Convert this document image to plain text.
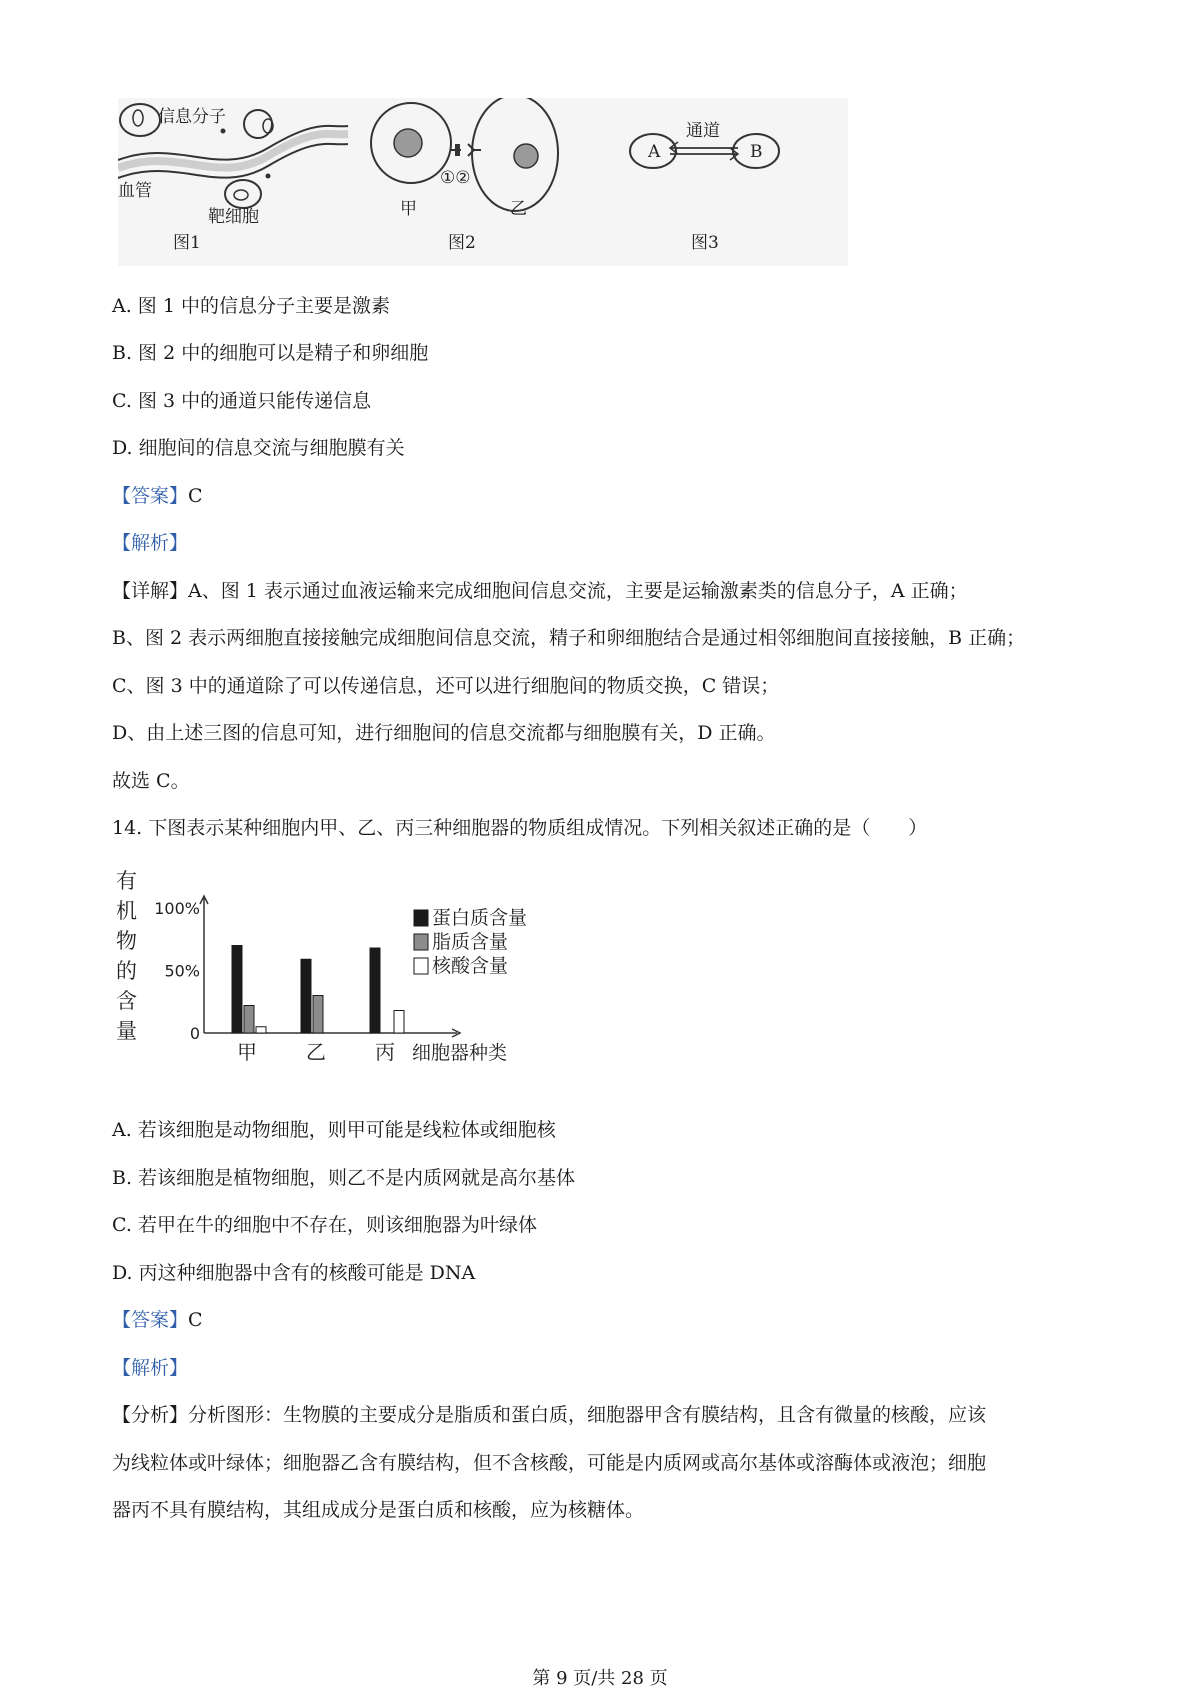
信息分子
血管
靶细胞
图1
①②
甲	乙
图2
A	B
通道
图3
A. 图 1 中的信息分子主要是激素
B. 图 2 中的细胞可以是精子和卵细胞
C. 图 3 中的通道只能传递信息
D. 细胞间的信息交流与细胞膜有关
【答案】C
【解析】
【详解】A、图 1 表示通过血液运输来完成细胞间信息交流，主要是运输激素类的信息分子，A 正确；
B、图 2 表示两细胞直接接触完成细胞间信息交流，精子和卵细胞结合是通过相邻细胞间直接接触，B 正确；
C、图 3 中的通道除了可以传递信息，还可以进行细胞间的物质交换，C 错误；
D、由上述三图的信息可知，进行细胞间的信息交流都与细胞膜有关，D 正确。
故选 C。
14. 下图表示某种细胞内甲、乙、丙三种细胞器的物质组成情况。下列相关叙述正确的是（　　）
有
机
物
的
含
量
100%
50%
0
甲 乙 丙 细胞器种类
蛋白质含量
脂质含量
核酸含量
A. 若该细胞是动物细胞，则甲可能是线粒体或细胞核
B. 若该细胞是植物细胞，则乙不是内质网就是高尔基体
C. 若甲在牛的细胞中不存在，则该细胞器为叶绿体
D. 丙这种细胞器中含有的核酸可能是 DNA
【答案】C
【解析】
【分析】分析图形：生物膜的主要成分是脂质和蛋白质，细胞器甲含有膜结构，且含有微量的核酸，应该
为线粒体或叶绿体；细胞器乙含有膜结构，但不含核酸，可能是内质网或高尔基体或溶酶体或液泡；细胞
器丙不具有膜结构，其组成成分是蛋白质和核酸，应为核糖体。
第 9 页/共 28 页
